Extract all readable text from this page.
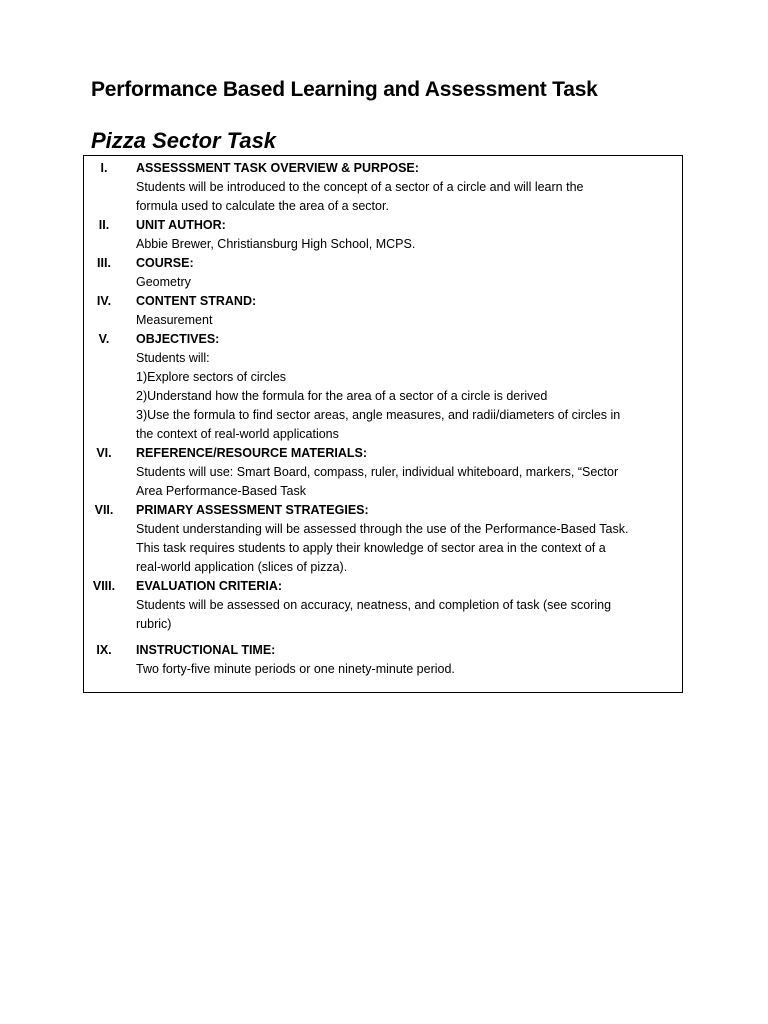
Performance Based Learning and Assessment Task
Pizza Sector Task
I.	ASSESSSMENT TASK OVERVIEW & PURPOSE:
Students will be introduced to the concept of a sector of a circle and will learn the
formula used to calculate the area of a sector.
II.	UNIT AUTHOR:
Abbie Brewer, Christiansburg High School, MCPS.
III.	COURSE:
Geometry
IV.	CONTENT STRAND:
Measurement
V.	OBJECTIVES:
Students will:
1)Explore sectors of circles
2)Understand how the formula for the area of a sector of a circle is derived
3)Use the formula to find sector areas, angle measures, and radii/diameters of circles in
the context of real-world applications
VI.	REFERENCE/RESOURCE MATERIALS:
Students will use: Smart Board, compass, ruler, individual whiteboard, markers, “Sector
Area Performance-Based Task
VII.	PRIMARY ASSESSMENT STRATEGIES:
Student understanding will be assessed through the use of the Performance-Based Task.
This task requires students to apply their knowledge of sector area in the context of a
real-world application (slices of pizza).
VIII.	EVALUATION CRITERIA:
Students will be assessed on accuracy, neatness, and completion of task (see scoring
rubric)
IX.	INSTRUCTIONAL TIME:
Two forty-five minute periods or one ninety-minute period.
